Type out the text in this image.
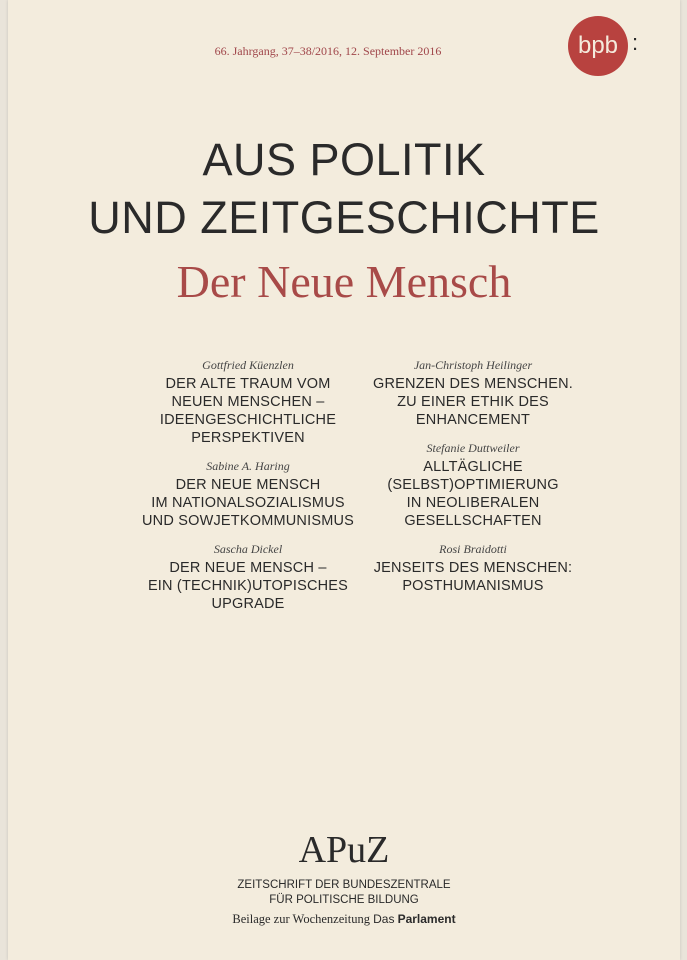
66. Jahrgang, 37–38/2016, 12. September 2016	bpb :
AUS POLITIK
UND ZEITGESCHICHTE
Der Neue Mensch
Gottfried Küenzlen
DER ALTE TRAUM VOM
NEUEN MENSCHEN –
IDEENGESCHICHTLICHE
PERSPEKTIVEN
Sabine A. Haring
DER NEUE MENSCH
IM NATIONALSOZIALISMUS
UND SOWJETKOMMUNISMUS
Sascha Dickel
DER NEUE MENSCH –
EIN (TECHNIK)UTOPISCHES
UPGRADE
Jan-Christoph Heilinger
GRENZEN DES MENSCHEN.
ZU EINER ETHIK DES
ENHANCEMENT
Stefanie Duttweiler
ALLTÄGLICHE
(SELBST)OPTIMIERUNG
IN NEOLIBERALEN
GESELLSCHAFTEN
Rosi Braidotti
JENSEITS DES MENSCHEN:
POSTHUMANISMUS
APuZ
ZEITSCHRIFT DER BUNDESZENTRALE
FÜR POLITISCHE BILDUNG
Beilage zur Wochenzeitung Das Parlament
